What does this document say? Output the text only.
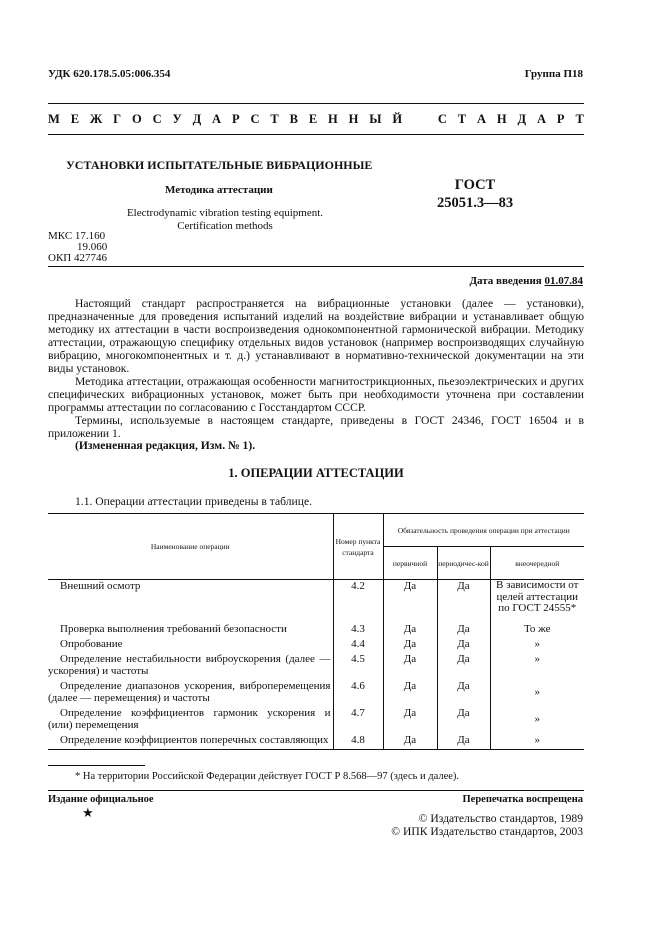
УДК 620.178.5.05:006.354	Группа П18
М Е Ж Г О С У Д А Р С Т В Е Н Н Ы Й	С Т А Н Д А Р Т
УСТАНОВКИ ИСПЫТАТЕЛЬНЫЕ ВИБРАЦИОННЫЕ
Методика аттестации
Electrodynamic vibration testing equipment.
Certification methods
ГОСТ
25051.3—83
МКС 17.160
19.060
ОКП 427746
Дата введения 01.07.84

Настоящий стандарт распространяется на вибрационные установки (далее — установки), предназначенные для проведения испытаний изделий на воздействие вибрации и устанавливает общую методику их аттестации в части воспроизведения однокомпонентной гармонической вибрации. Методику аттестации, отражающую специфику отдельных видов установок (например воспроизводящих случайную вибрацию, многокомпонентных и т. д.) устанавливают в нормативно-технической документации на эти виды установок.

Методика аттестации, отражающая особенности магнитострикционных, пьезоэлектрических и других специфических вибрационных установок, может быть при необходимости уточнена при составлении программы аттестации по согласованию с Госстандартом СССР.

Термины, используемые в настоящем стандарте, приведены в ГОСТ 24346, ГОСТ 16504 и в приложении 1.

(Измененная редакция, Изм. № 1).
1. ОПЕРАЦИИ АТТЕСТАЦИИ
1.1. Операции аттестации приведены в таблице.
Наименование операции	Номер пункта стандарта	Обязательность проведения операции при аттестации		
		первичной	периодичес-кой	внеочередной

Внешний осмотр	4.2	Да	Да	В зависимости от целей аттестации по ГОСТ 24555*

Проверка выполнения требований безопасности	4.3	Да	Да	То же

Опробование	4.4	Да	Да	»
Определение нестабильности виброускорения (далее — ускорения) и частоты	4.5	Да	Да	»
Определение диапазонов ускорения, виброперемещения (далее — перемещения) и частоты	4.6	Да	Да	»
Определение коэффициентов гармоник ускорения и (или) перемещения	4.7	Да	Да	»
Определение коэффициентов поперечных составляющих	4.8	Да	Да	»
* На территории Российской Федерации действует ГОСТ Р 8.568—97 (здесь и далее).
Издание официальное	Перепечатка воспрещена
★	© Издательство стандартов, 1989
© ИПК Издательство стандартов, 2003
